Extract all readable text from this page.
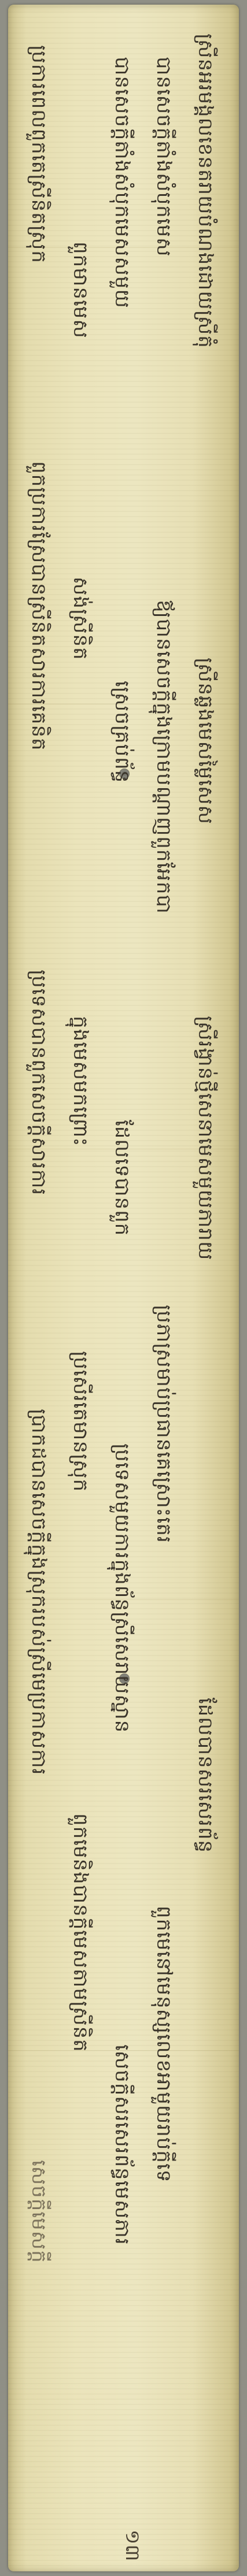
ស្រីនអរមង្គលខេនតរាយបំណងដោយស្រីតុំ
ស្រីនឆ្លងមេសម្លៃសេស
ស្រីរង្វាន់ថ្មីសេនាមេសមួយភារាយ
ដែលបានសរសេរព័ន្ធ
បានសេចក្ដីតាំងសំបុកមេស
ឪ្យបានសេចក្ដីក្នុងក្រោមបណ្ដាញពួកអែកបា
ប្រភាស្រមាប់ប្រធានគេស្រោះតេរ
ពួកមេនៅមេនុស្សលេខអាមួយរាប់ក្ដីទេ
បានសេចក្ដីតាំងសំបុកមេសសមួយ
ស្រេចគ្រប់ព័ន្ធ
ដែលទេបានពួក
ប្រទេសមួយការក្នុងព័ន្ធស្រីសេរាយស្នាន
សេចក្ដីសរសេរព័ន្ធមេសភារ
ពួកមានមេស
សង់ស្រីនិត
ក្នុងមេសមកព្រោះ
ប្រសើរតេមានស្រុក
ពួកមេនិងបានក្ដីមេសតាមស្រីនិត
ប្រការពេលពួកតេស្រីនិតស្រុក
ពួកប្រការស្រែបានស្រីនិតសារការគេនិត
ប្រទេសបានពួកសេចក្ដីសារការ
ប្រាកដបានសេចក្ដីក្នុងស្រុករបស់ស្រីមេប្រកាសការ
សេចក្ដីមេសក្ដី
១៣
